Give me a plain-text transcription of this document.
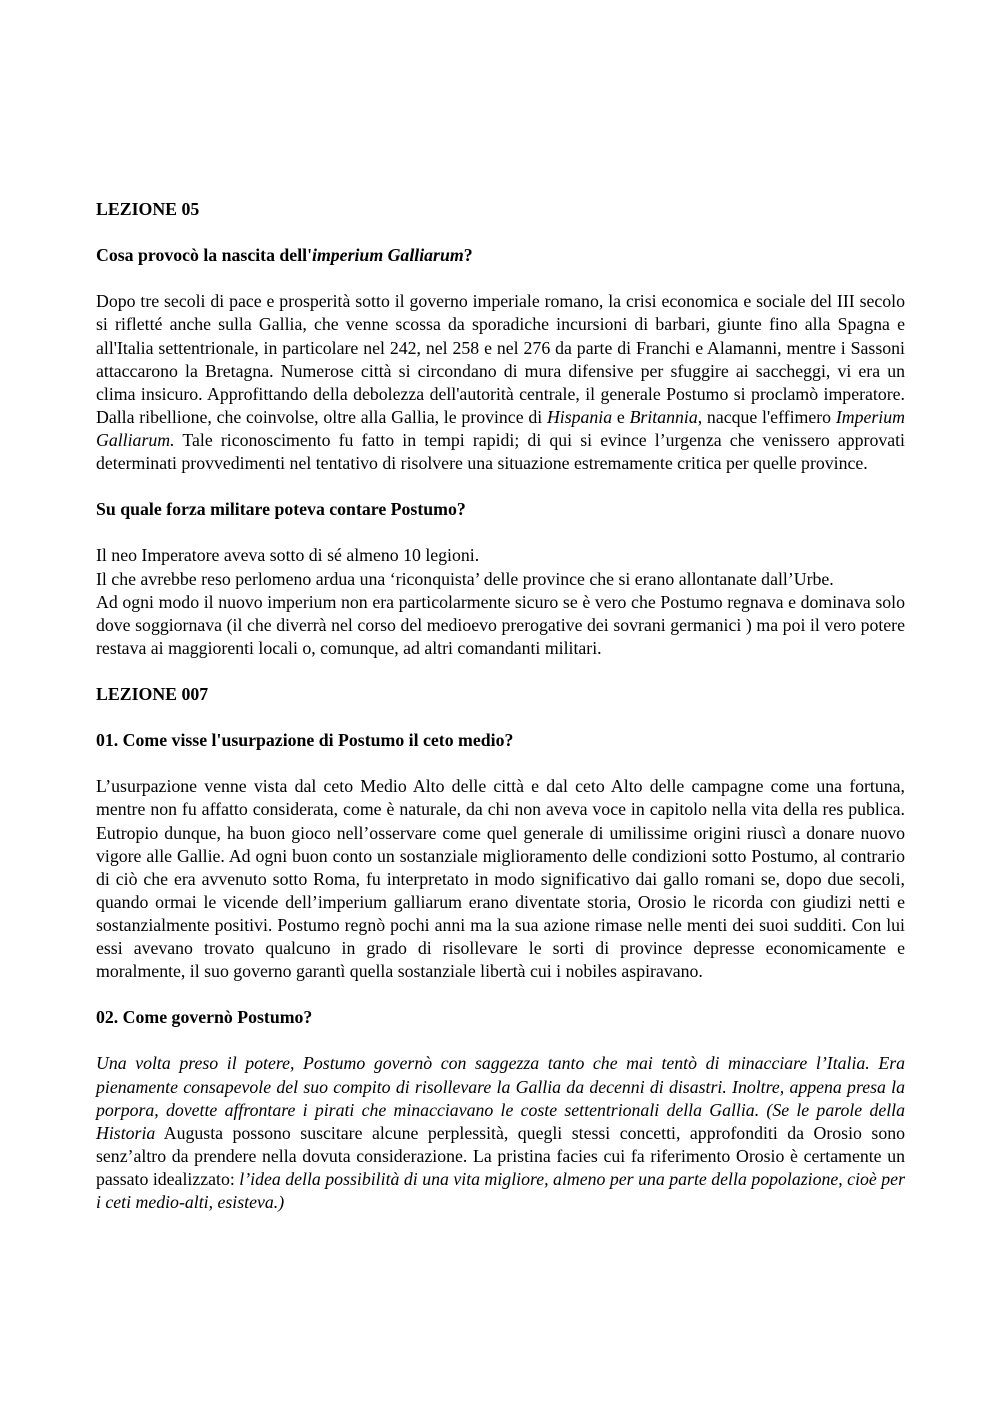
LEZIONE 05
Cosa provocò la nascita dell'imperium Galliarum?

Dopo tre secoli di pace e prosperità sotto il governo imperiale romano, la crisi economica e sociale del III secolo si rifletté anche sulla Gallia, che venne scossa da sporadiche incursioni di barbari, giunte fino alla Spagna e all'Italia settentrionale, in particolare nel 242, nel 258 e nel 276 da parte di Franchi e Alamanni, mentre i Sassoni attaccarono la Bretagna. Numerose città si circondano di mura difensive per sfuggire ai saccheggi, vi era un clima insicuro. Approfittando della debolezza dell'autorità centrale, il generale Postumo si proclamò imperatore. Dalla ribellione, che coinvolse, oltre alla Gallia, le province di Hispania e Britannia, nacque l'effimero Imperium Galliarum. Tale riconoscimento fu fatto in tempi rapidi; di qui si evince l’urgenza che venissero approvati determinati provvedimenti nel tentativo di risolvere una situazione estremamente critica per quelle province.

Su quale forza militare poteva contare Postumo?

Il neo Imperatore aveva sotto di sé almeno 10 legioni.

Il che avrebbe reso perlomeno ardua una ‘riconquista’ delle province che si erano allontanate dall’Urbe.

Ad ogni modo il nuovo imperium non era particolarmente sicuro se è vero che Postumo regnava e dominava solo dove soggiornava (il che diverrà nel corso del medioevo prerogative dei sovrani germanici ) ma poi il vero potere restava ai maggiorenti locali o, comunque, ad altri comandanti militari.

LEZIONE 007
01. Come visse l'usurpazione di Postumo il ceto medio?

L’usurpazione venne vista dal ceto Medio Alto delle città e dal ceto Alto delle campagne come una fortuna, mentre non fu affatto considerata, come è naturale, da chi non aveva voce in capitolo nella vita della res publica. Eutropio dunque, ha buon gioco nell’osservare come quel generale di umilissime origini riuscì a donare nuovo vigore alle Gallie. Ad ogni buon conto un sostanziale miglioramento delle condizioni sotto Postumo, al contrario di ciò che era avvenuto sotto Roma, fu interpretato in modo significativo dai gallo romani se, dopo due secoli, quando ormai le vicende dell’imperium galliarum erano diventate storia, Orosio le ricorda con giudizi netti e sostanzialmente positivi. Postumo regnò pochi anni ma la sua azione rimase nelle menti dei suoi sudditi. Con lui essi avevano trovato qualcuno in grado di risollevare le sorti di province depresse economicamente e moralmente, il suo governo garantì quella sostanziale libertà cui i nobiles aspiravano.

02. Come governò Postumo?

Una volta preso il potere, Postumo governò con saggezza tanto che mai tentò di minacciare l’Italia. Era pienamente consapevole del suo compito di risollevare la Gallia da decenni di disastri. Inoltre, appena presa la porpora, dovette affrontare i pirati che minacciavano le coste settentrionali della Gallia. (Se le parole della Historia Augusta possono suscitare alcune perplessità, quegli stessi concetti, approfonditi da Orosio sono senz’altro da prendere nella dovuta considerazione. La pristina facies cui fa riferimento Orosio è certamente un passato idealizzato: l’idea della possibilità di una vita migliore, almeno per una parte della popolazione, cioè per i ceti medio-alti, esisteva.)
